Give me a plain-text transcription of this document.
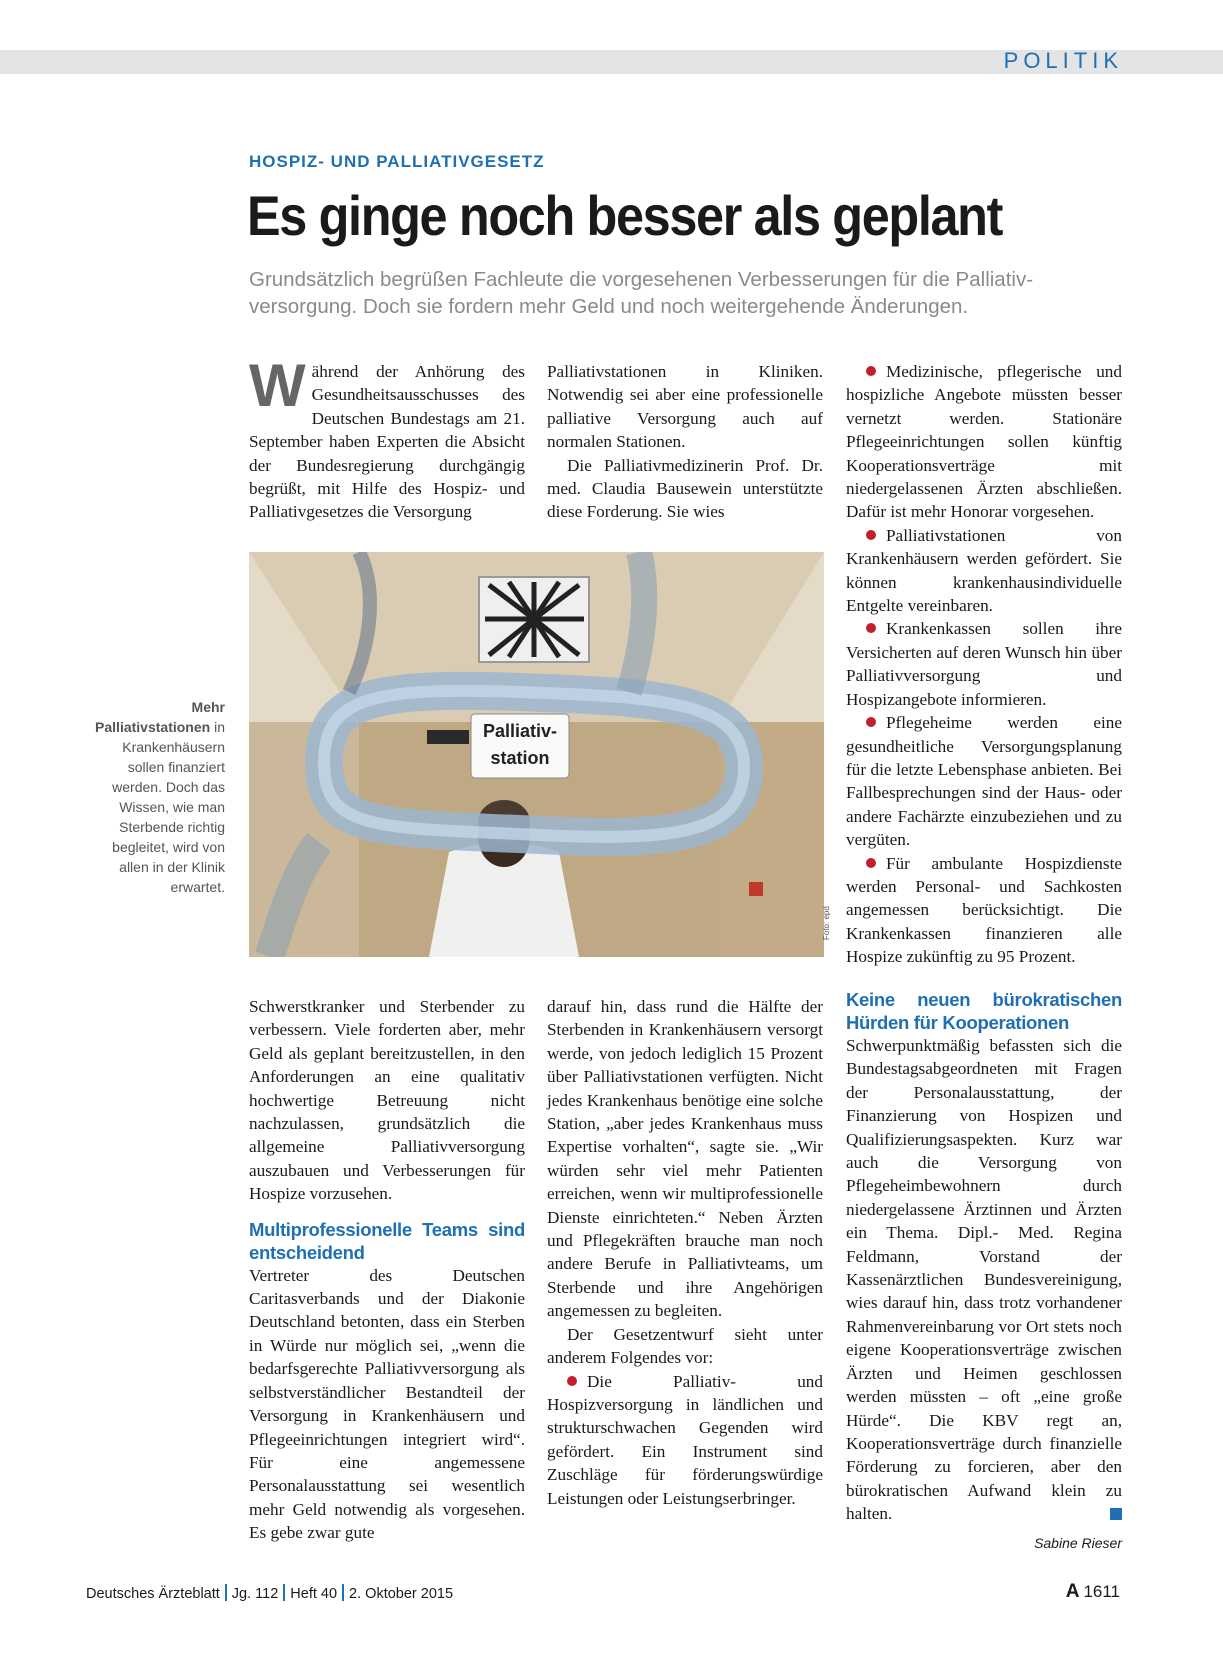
POLITIK
HOSPIZ- UND PALLIATIVGESETZ
Es ginge noch besser als geplant

Grundsätzlich begrüßen Fachleute die vorgesehenen Verbesserungen für die Palliativ-versorgung. Doch sie fordern mehr Geld und noch weitergehende Änderungen.

Während der Anhörung des Gesundheitsausschusses des Deutschen Bundestags am 21. September haben Experten die Absicht der Bundesregierung durchgängig begrüßt, mit Hilfe des Hospiz- und Palliativgesetzes die Versorgung

Palliativstationen in Kliniken. Notwendig sei aber eine professionelle palliative Versorgung auch auf normalen Stationen.

Die Palliativmedizinerin Prof. Dr. med. Claudia Bausewein unterstützte diese Forderung. Sie wies

Palliativ-
station
Foto: epd
Mehr Palliativstationen in Krankenhäusern sollen finanziert werden. Doch das Wissen, wie man Sterbende richtig begleitet, wird von allen in der Klinik erwartet.

Schwerstkranker und Sterbender zu verbessern. Viele forderten aber, mehr Geld als geplant bereitzustellen, in den Anforderungen an eine qualitativ hochwertige Betreuung nicht nachzulassen, grundsätzlich die allgemeine Palliativversorgung auszubauen und Verbesserungen für Hospize vorzusehen.

Multiprofessionelle Teams sind entscheidend

Vertreter des Deutschen Caritasverbands und der Diakonie Deutschland betonten, dass ein Sterben in Würde nur möglich sei, „wenn die bedarfsgerechte Palliativversorgung als selbstverständlicher Bestandteil der Versorgung in Krankenhäusern und Pflegeeinrichtungen integriert wird“. Für eine angemessene Personalausstattung sei wesentlich mehr Geld notwendig als vorgesehen. Es gebe zwar gute

darauf hin, dass rund die Hälfte der Sterbenden in Krankenhäusern versorgt werde, von jedoch lediglich 15 Prozent über Palliativstationen verfügten. Nicht jedes Krankenhaus benötige eine solche Station, „aber jedes Krankenhaus muss Expertise vorhalten“, sagte sie. „Wir würden sehr viel mehr Patienten erreichen, wenn wir multiprofessionelle Dienste einrichteten.“ Neben Ärzten und Pflegekräften brauche man noch andere Berufe in Palliativteams, um Sterbende und ihre Angehörigen angemessen zu begleiten.

Der Gesetzentwurf sieht unter anderem Folgendes vor:

Die Palliativ- und Hospizversorgung in ländlichen und strukturschwachen Gegenden wird gefördert. Ein Instrument sind Zuschläge für förderungswürdige Leistungen oder Leistungserbringer.

Medizinische, pflegerische und hospizliche Angebote müssten besser vernetzt werden. Stationäre Pflegeeinrichtungen sollen künftig Kooperationsverträge mit niedergelassenen Ärzten abschließen. Dafür ist mehr Honorar vorgesehen.

Palliativstationen von Krankenhäusern werden gefördert. Sie können krankenhausindividuelle Entgelte vereinbaren.

Krankenkassen sollen ihre Versicherten auf deren Wunsch hin über Palliativversorgung und Hospizangebote informieren.

Pflegeheime werden eine gesundheitliche Versorgungsplanung für die letzte Lebensphase anbieten. Bei Fallbesprechungen sind der Haus- oder andere Fachärzte einzubeziehen und zu vergüten.

Für ambulante Hospizdienste werden Personal- und Sachkosten angemessen berücksichtigt. Die Krankenkassen finanzieren alle Hospize zukünftig zu 95 Prozent.

Keine neuen bürokratischen Hürden für Kooperationen

Schwerpunktmäßig befassten sich die Bundestagsabgeordneten mit Fragen der Personalausstattung, der Finanzierung von Hospizen und Qualifizierungsaspekten. Kurz war auch die Versorgung von Pflegeheimbewohnern durch niedergelassene Ärztinnen und Ärzten ein Thema. Dipl.- Med. Regina Feldmann, Vorstand der Kassenärztlichen Bundesvereinigung, wies darauf hin, dass trotz vorhandener Rahmenvereinbarung vor Ort stets noch eigene Kooperationsverträge zwischen Ärzten und Heimen geschlossen werden müssten – oft „eine große Hürde“. Die KBV regt an, Kooperationsverträge durch finanzielle Förderung zu forcieren, aber den bürokratischen Aufwand klein zu halten.

Sabine Rieser
Deutsches Ärzteblatt Jg. 112 Heft 40 2. Oktober 2015	A 1611
